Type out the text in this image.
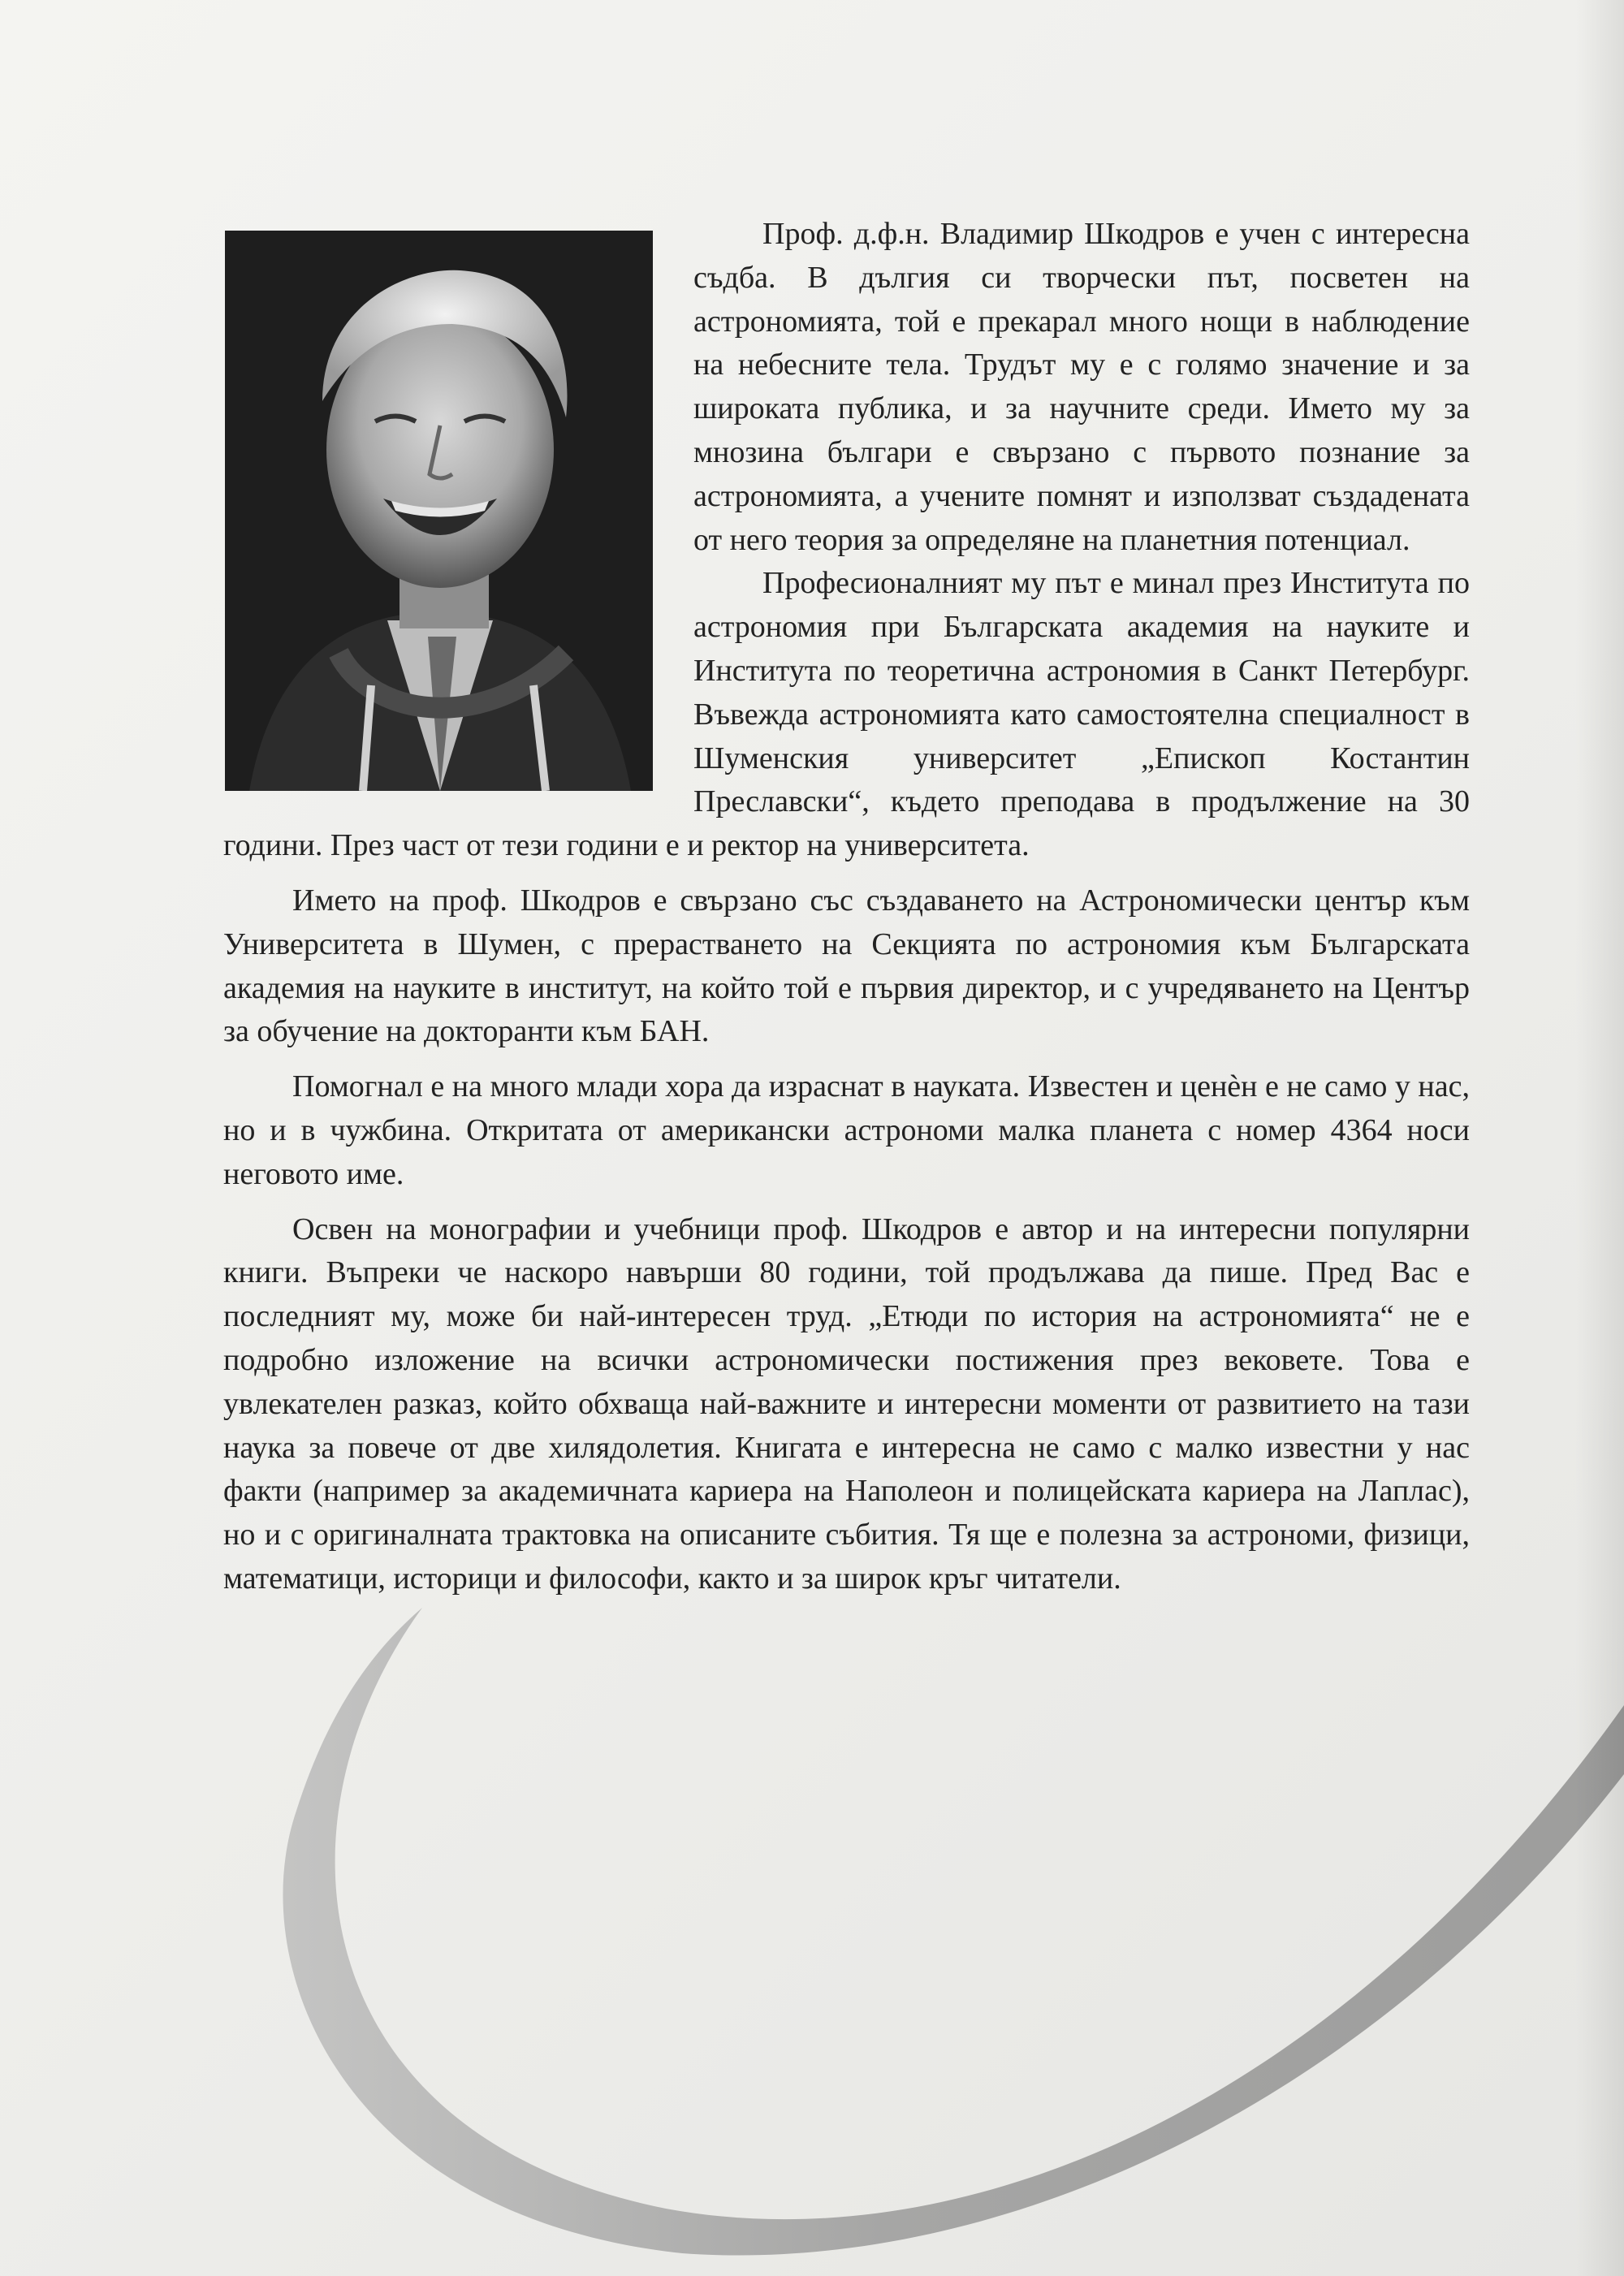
Проф. д.ф.н. Владимир Шкодров е учен с интересна съдба. В дългия си творчески път, посветен на астрономията, той е прекарал много нощи в наблюдение на небесните тела. Трудът му е с голямо значение и за широката публика, и за научните среди. Името му за мнозина българи е свързано с първото познание за астрономията, а учените помнят и използват създадената от него теория за определяне на планетния потенциал.

Професионалният му път е минал през Института по астрономия при Българската академия на науките и Института по теоретична астрономия в Санкт Петербург. Въвежда астрономията като самостоятелна специалност в Шуменския университет „Епископ Костантин Преславски“, където преподава в продължение на 30 години. През част от тези години е и ректор на университета.

Името на проф. Шкодров е свързано със създаването на Астрономически център към Университета в Шумен, с прерастването на Секцията по астрономия към Българската академия на науките в институт, на който той е първия директор, и с учредяването на Център за обучение на докторанти към БАН.

Помогнал е на много млади хора да израснат в науката. Известен и ценѐн е не само у нас, но и в чужбина. Откритата от американски астрономи малка планета с номер 4364 носи неговото име.

Освен на монографии и учебници проф. Шкодров е автор и на интересни популярни книги. Въпреки че наскоро навърши 80 години, той продължава да пише. Пред Вас е последният му, може би най-интересен труд. „Етюди по история на астрономията“ не е подробно изложение на всички астрономически постижения през вековете. Това е увлекателен разказ, който обхваща най-важните и интересни моменти от развитието на тази наука за повече от две хилядолетия. Книгата е интересна не само с малко известни у нас факти (например за академичната кариера на Наполеон и полицейската кариера на Лаплас), но и с оригиналната трактовка на описаните събития. Тя ще е полезна за астрономи, физици, математици, историци и философи, както и за широк кръг читатели.
